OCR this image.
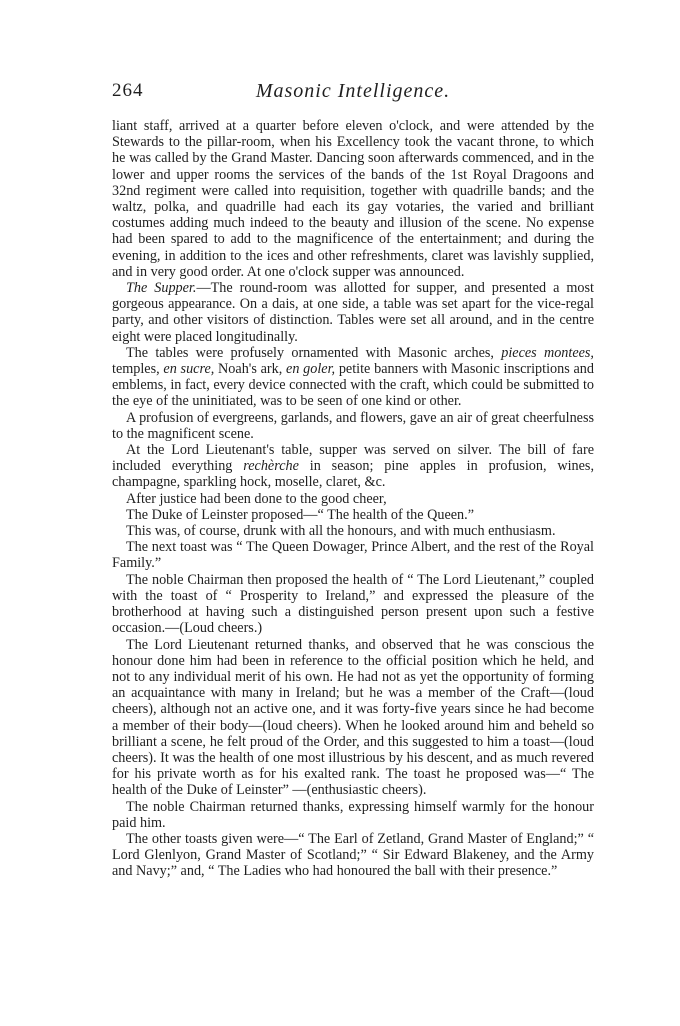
264	Masonic Intelligence.

liant staff, arrived at a quarter before eleven o'clock, and were attended by the Stewards to the pillar-room, when his Excellency took the vacant throne, to which he was called by the Grand Master. Dancing soon afterwards commenced, and in the lower and upper rooms the services of the bands of the 1st Royal Dragoons and 32nd regiment were called into requisition, together with quadrille bands; and the waltz, polka, and quadrille had each its gay votaries, the varied and brilliant costumes adding much indeed to the beauty and illusion of the scene. No expense had been spared to add to the magnificence of the entertainment; and during the evening, in addition to the ices and other refreshments, claret was lavishly supplied, and in very good order. At one o'clock supper was announced.

The Supper.—The round-room was allotted for supper, and presented a most gorgeous appearance. On a dais, at one side, a table was set apart for the vice-regal party, and other visitors of distinction. Tables were set all around, and in the centre eight were placed longitudinally.

The tables were profusely ornamented with Masonic arches, pieces montees, temples, en sucre, Noah's ark, en goler, petite banners with Masonic inscriptions and emblems, in fact, every device connected with the craft, which could be submitted to the eye of the uninitiated, was to be seen of one kind or other.

A profusion of evergreens, garlands, and flowers, gave an air of great cheerfulness to the magnificent scene.

At the Lord Lieutenant's table, supper was served on silver. The bill of fare included everything rechèrche in season; pine apples in profusion, wines, champagne, sparkling hock, moselle, claret, &c.

After justice had been done to the good cheer,

The Duke of Leinster proposed—“ The health of the Queen.”

This was, of course, drunk with all the honours, and with much enthusiasm.

The next toast was “ The Queen Dowager, Prince Albert, and the rest of the Royal Family.”

The noble Chairman then proposed the health of “ The Lord Lieutenant,” coupled with the toast of “ Prosperity to Ireland,” and expressed the pleasure of the brotherhood at having such a distinguished person present upon such a festive occasion.—(Loud cheers.)

The Lord Lieutenant returned thanks, and observed that he was conscious the honour done him had been in reference to the official position which he held, and not to any individual merit of his own. He had not as yet the opportunity of forming an acquaintance with many in Ireland; but he was a member of the Craft—(loud cheers), although not an active one, and it was forty-five years since he had become a member of their body—(loud cheers). When he looked around him and beheld so brilliant a scene, he felt proud of the Order, and this suggested to him a toast—(loud cheers). It was the health of one most illustrious by his descent, and as much revered for his private worth as for his exalted rank. The toast he proposed was—“ The health of the Duke of Leinster” —(enthusiastic cheers).

The noble Chairman returned thanks, expressing himself warmly for the honour paid him.

The other toasts given were—“ The Earl of Zetland, Grand Master of England;” “ Lord Glenlyon, Grand Master of Scotland;” “ Sir Edward Blakeney, and the Army and Navy;” and, “ The Ladies who had honoured the ball with their presence.”
